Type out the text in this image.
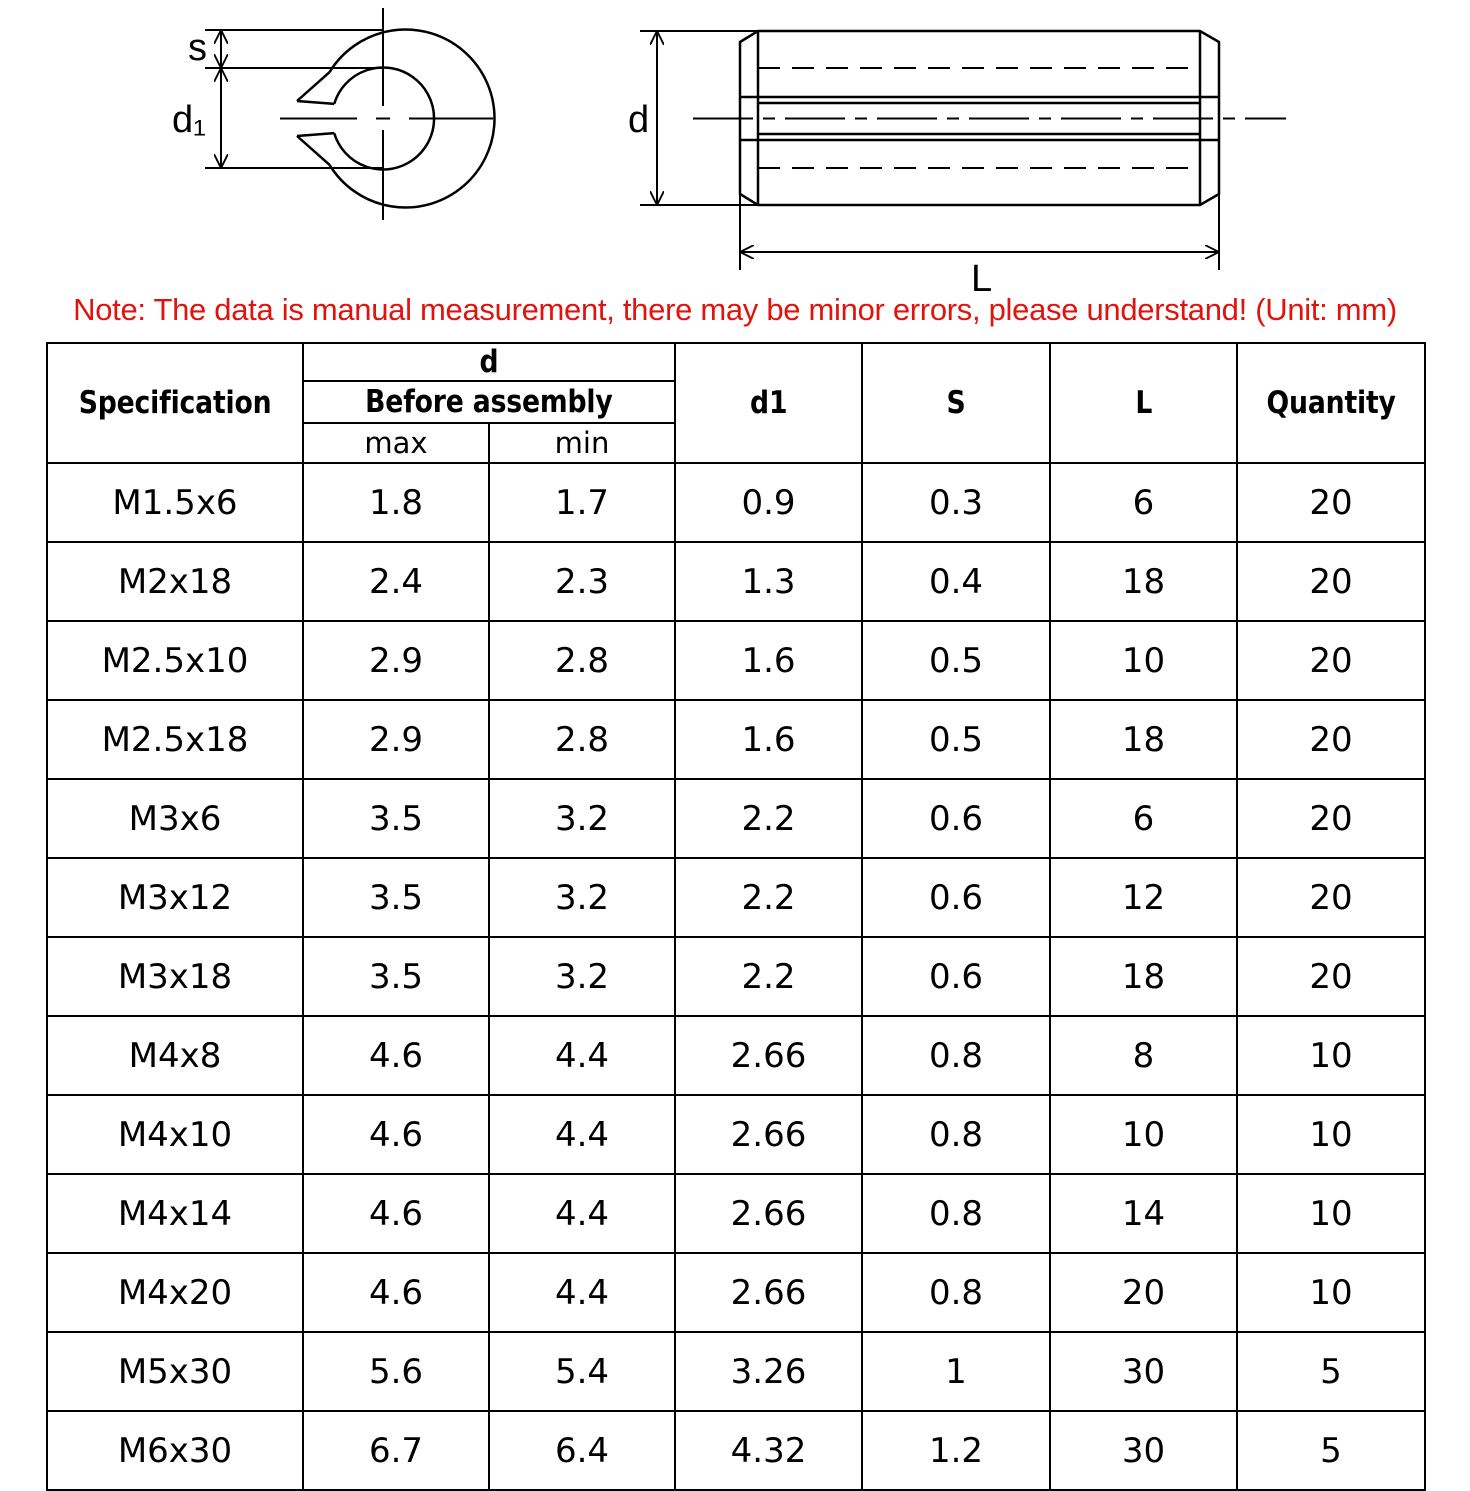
s
d₁	d
L
Note: The data is manual measurement, there may be minor errors, please understand! (Unit: mm)
Specification	d		d1	S	L	Quantity
	Before assembly					
	max	min				
M1.5x6	1.8	1.7	0.9	0.3	6	20
M2x18	2.4	2.3	1.3	0.4	18	20
M2.5x10	2.9	2.8	1.6	0.5	10	20
M2.5x18	2.9	2.8	1.6	0.5	18	20
M3x6	3.5	3.2	2.2	0.6	6	20
M3x12	3.5	3.2	2.2	0.6	12	20
M3x18	3.5	3.2	2.2	0.6	18	20
M4x8	4.6	4.4	2.66	0.8	8	10
M4x10	4.6	4.4	2.66	0.8	10	10
M4x14	4.6	4.4	2.66	0.8	14	10
M4x20	4.6	4.4	2.66	0.8	20	10
M5x30	5.6	5.4	3.26	1	30	5
M6x30	6.7	6.4	4.32	1.2	30	5
